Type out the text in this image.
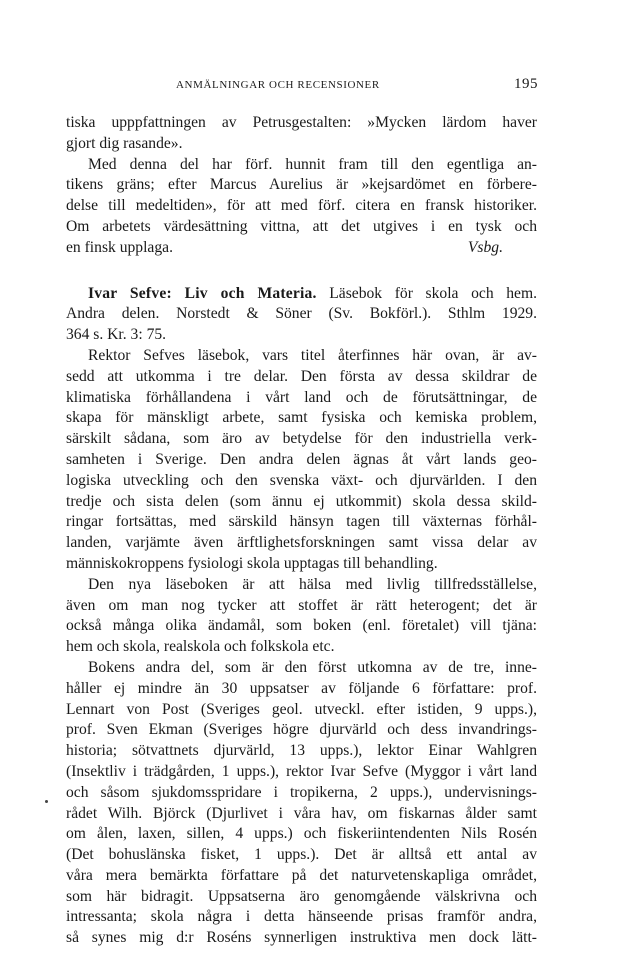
ANMÄLNINGAR OCH RECENSIONER	195
tiska upppfattningen av Petrusgestalten: »Mycken lärdom haver
gjort dig rasande».
Med denna del har förf. hunnit fram till den egentliga an-
tikens gräns; efter Marcus Aurelius är »kejsardömet en förbere-
delse till medeltiden», för att med förf. citera en fransk historiker.
Om arbetets värdesättning vittna, att det utgives i en tysk och
en finsk upplaga.	Vsbg.
Ivar Sefve: Liv och Materia. Läsebok för skola och hem.
Andra delen. Norstedt & Söner (Sv. Bokförl.). Sthlm 1929.
364 s. Kr. 3: 75.
Rektor Sefves läsebok, vars titel återfinnes här ovan, är av-
sedd att utkomma i tre delar. Den första av dessa skildrar de
klimatiska förhållandena i vårt land och de förutsättningar, de
skapa för mänskligt arbete, samt fysiska och kemiska problem,
särskilt sådana, som äro av betydelse för den industriella verk-
samheten i Sverige. Den andra delen ägnas åt vårt lands geo-
logiska utveckling och den svenska växt- och djurvärlden. I den
tredje och sista delen (som ännu ej utkommit) skola dessa skild-
ringar fortsättas, med särskild hänsyn tagen till växternas förhål-
landen, varjämte även ärftlighetsforskningen samt vissa delar av
människokroppens fysiologi skola upptagas till behandling.
Den nya läseboken är att hälsa med livlig tillfredsställelse,
även om man nog tycker att stoffet är rätt heterogent; det är
också många olika ändamål, som boken (enl. företalet) vill tjäna:
hem och skola, realskola och folkskola etc.
Bokens andra del, som är den först utkomna av de tre, inne-
håller ej mindre än 30 uppsatser av följande 6 författare: prof.
Lennart von Post (Sveriges geol. utveckl. efter istiden, 9 upps.),
prof. Sven Ekman (Sveriges högre djurvärld och dess invandrings-
historia; sötvattnets djurvärld, 13 upps.), lektor Einar Wahlgren
(Insektliv i trädgården, 1 upps.), rektor Ivar Sefve (Myggor i vårt land
och såsom sjukdomsspridare i tropikerna, 2 upps.), undervisnings-
rådet Wilh. Björck (Djurlivet i våra hav, om fiskarnas ålder samt
om ålen, laxen, sillen, 4 upps.) och fiskeriintendenten Nils Rosén
(Det bohuslänska fisket, 1 upps.). Det är alltså ett antal av
våra mera bemärkta författare på det naturvetenskapliga området,
som här bidragit. Uppsatserna äro genomgående välskrivna och
intressanta; skola några i detta hänseende prisas framför andra,
så synes mig d:r Roséns synnerligen instruktiva men dock lätt-
